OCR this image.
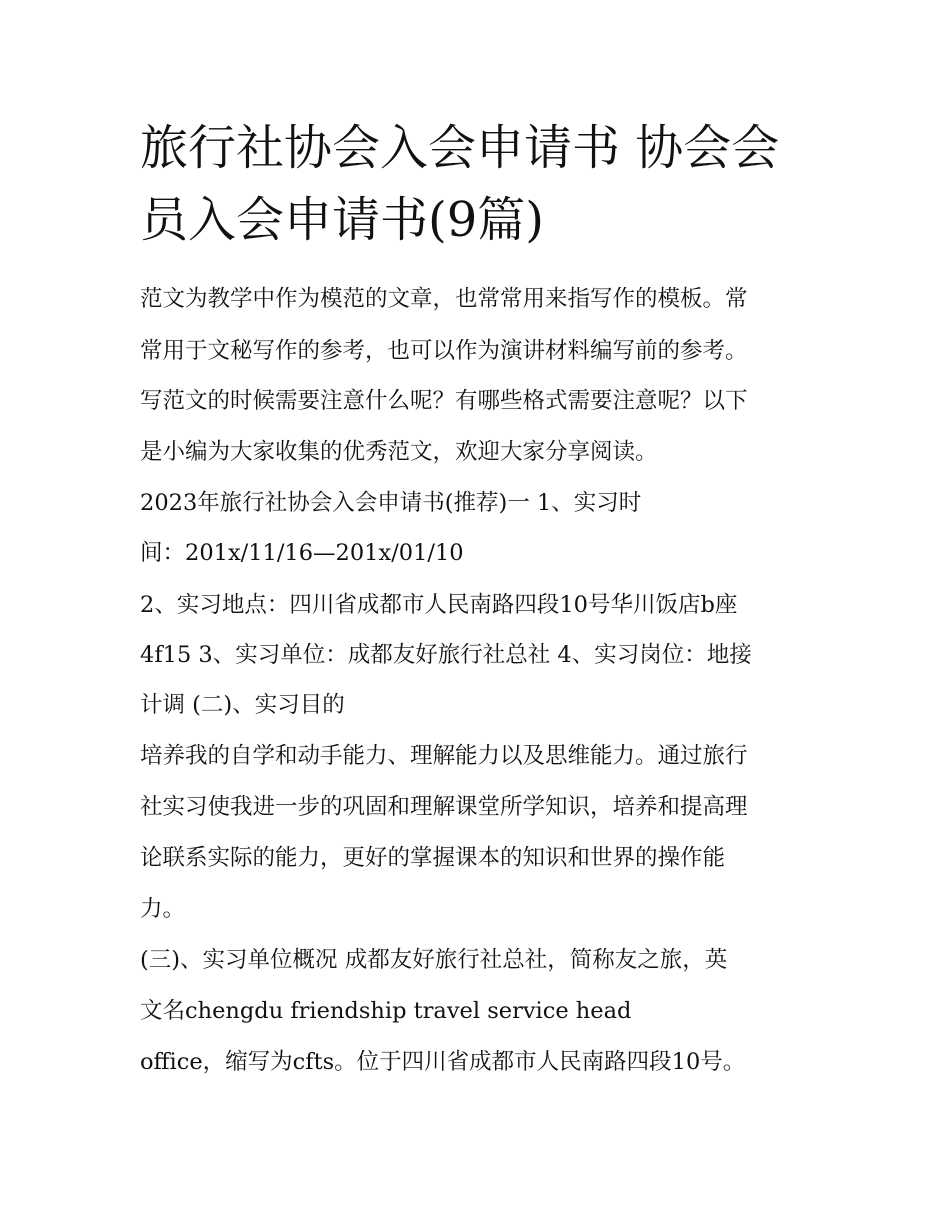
旅行社协会入会申请书 协会会
员入会申请书(9篇)

范文为教学中作为模范的文章，也常常用来指写作的模板。常

常用于文秘写作的参考，也可以作为演讲材料编写前的参考。

写范文的时候需要注意什么呢？有哪些格式需要注意呢？以下

是小编为大家收集的优秀范文，欢迎大家分享阅读。

2023年旅行社协会入会申请书(推荐)一 1、实习时

间：201x/11/16—201x/01/10

2、实习地点：四川省成都市人民南路四段10号华川饭店b座

4f15 3、实习单位：成都友好旅行社总社 4、实习岗位：地接

计调 (二)、实习目的

培养我的自学和动手能力、理解能力以及思维能力。通过旅行

社实习使我进一步的巩固和理解课堂所学知识，培养和提高理

论联系实际的能力，更好的掌握课本的知识和世界的操作能

力。

(三)、实习单位概况 成都友好旅行社总社，简称友之旅，英

文名chengdu friendship travel service head

office，缩写为cfts。位于四川省成都市人民南路四段10号。
